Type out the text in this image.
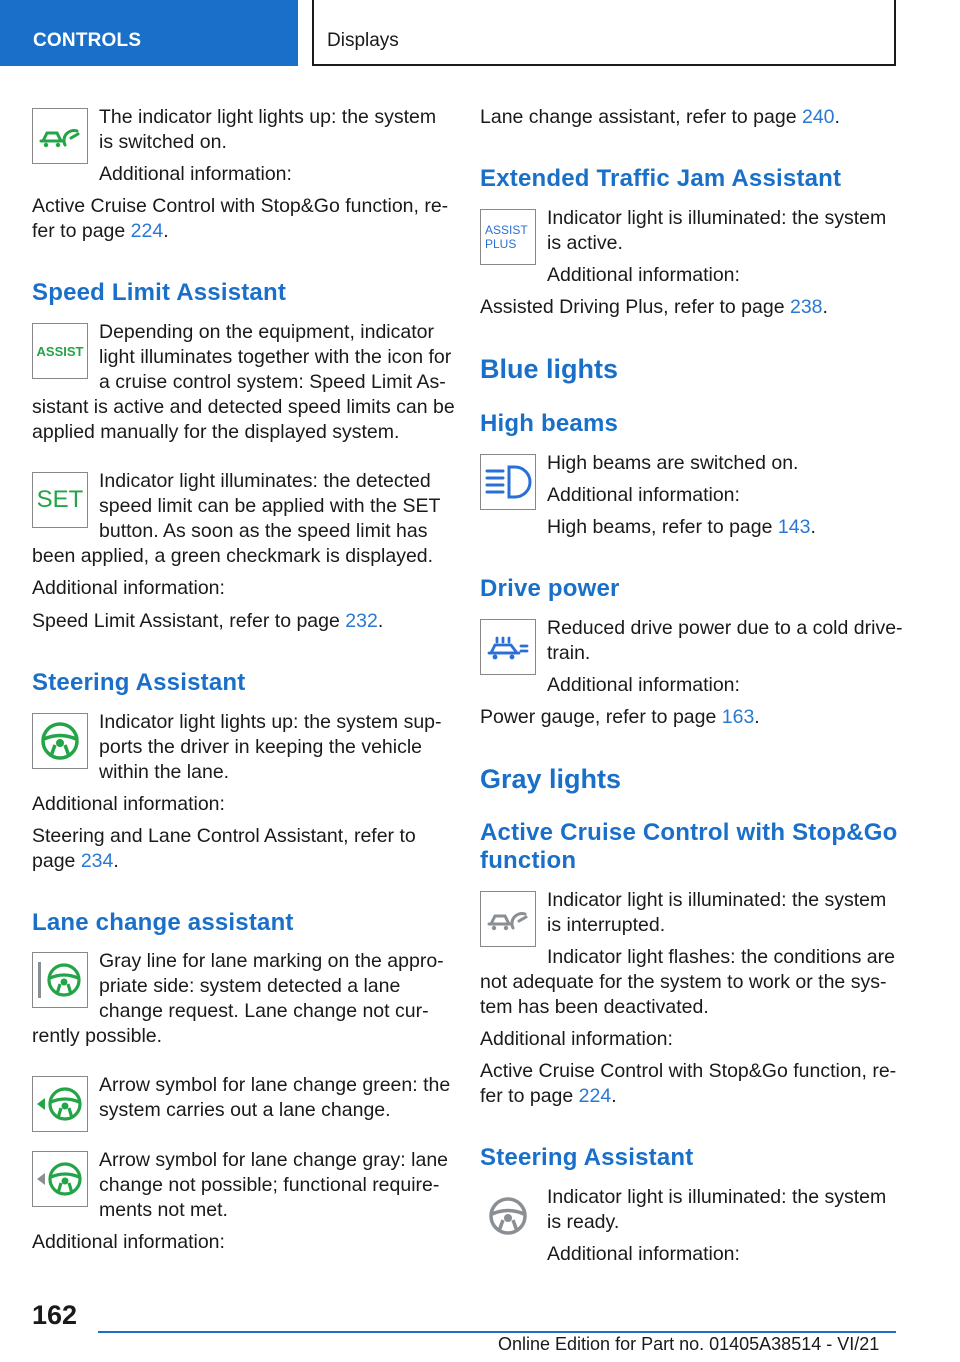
CONTROLS	Displays
The indicator light lights up: the system
is switched on.
Additional information:
Active Cruise Control with Stop&Go function, re-
fer to page 224.
Speed Limit Assistant
ASSIST
Depending on the equipment, indicator
light illuminates together with the icon for
a cruise control system: Speed Limit As-
sistant is active and detected speed limits can be
applied manually for the displayed system.
SET
Indicator light illuminates: the detected
speed limit can be applied with the SET
button. As soon as the speed limit has
been applied, a green checkmark is displayed.
Additional information:
Speed Limit Assistant, refer to page 232.
Steering Assistant
Indicator light lights up: the system sup-
ports the driver in keeping the vehicle
within the lane.
Additional information:
Steering and Lane Control Assistant, refer to
page 234.
Lane change assistant
Gray line for lane marking on the appro-
priate side: system detected a lane
change request. Lane change not cur-
rently possible.
Arrow symbol for lane change green: the
system carries out a lane change.
Arrow symbol for lane change gray: lane
change not possible; functional require-
ments not met.
Additional information:
Lane change assistant, refer to page 240.
Extended Traffic Jam Assistant
ASSIST
PLUS
Indicator light is illuminated: the system
is active.
Additional information:
Assisted Driving Plus, refer to page 238.
Blue lights
High beams
High beams are switched on.
Additional information:
High beams, refer to page 143.
Drive power
Reduced drive power due to a cold drive-
train.
Additional information:
Power gauge, refer to page 163.
Gray lights
Active Cruise Control with Stop&Go
function
Indicator light is illuminated: the system
is interrupted.
Indicator light flashes: the conditions are
not adequate for the system to work or the sys-
tem has been deactivated.
Additional information:
Active Cruise Control with Stop&Go function, re-
fer to page 224.
Steering Assistant
Indicator light is illuminated: the system
is ready.
Additional information:
162
Online Edition for Part no. 01405A38514 - VI/21
